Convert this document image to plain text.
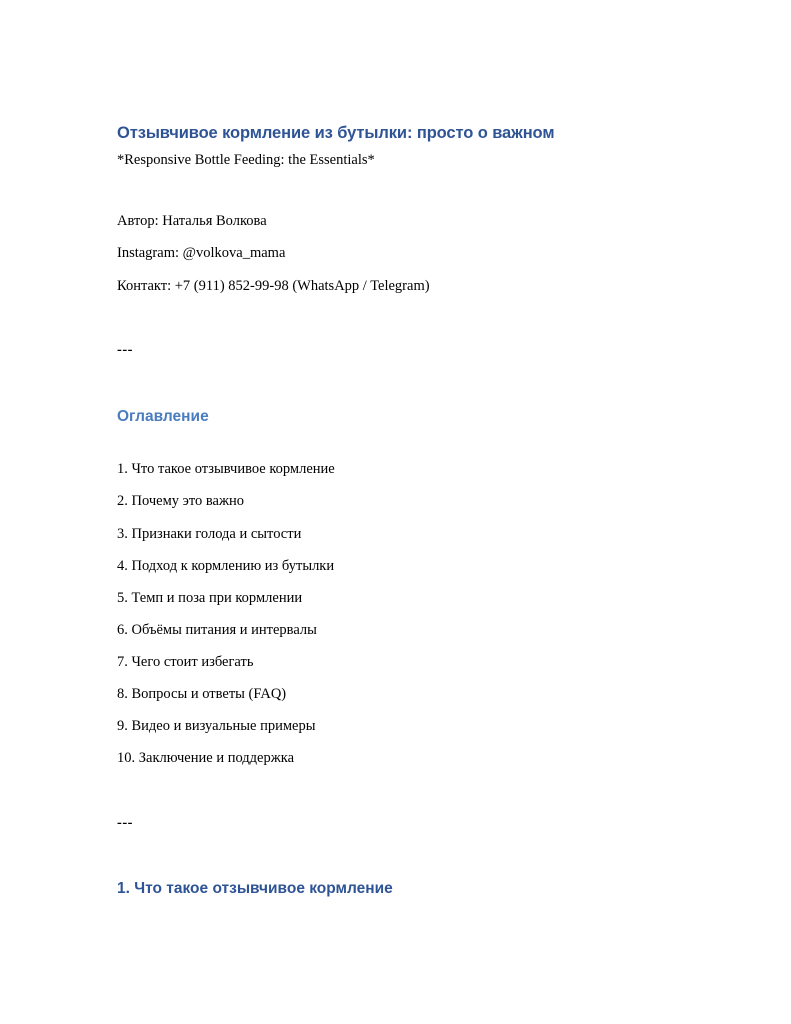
Отзывчивое кормление из бутылки: просто о важном
*Responsive Bottle Feeding: the Essentials*
Автор: Наталья Волкова
Instagram: @volkova_mama
Контакт: +7 (911) 852-99-98 (WhatsApp / Telegram)
---
Оглавление
1. Что такое отзывчивое кормление
2. Почему это важно
3. Признаки голода и сытости
4. Подход к кормлению из бутылки
5. Темп и поза при кормлении
6. Объёмы питания и интервалы
7. Чего стоит избегать
8. Вопросы и ответы (FAQ)
9. Видео и визуальные примеры
10. Заключение и поддержка
---
1. Что такое отзывчивое кормление
